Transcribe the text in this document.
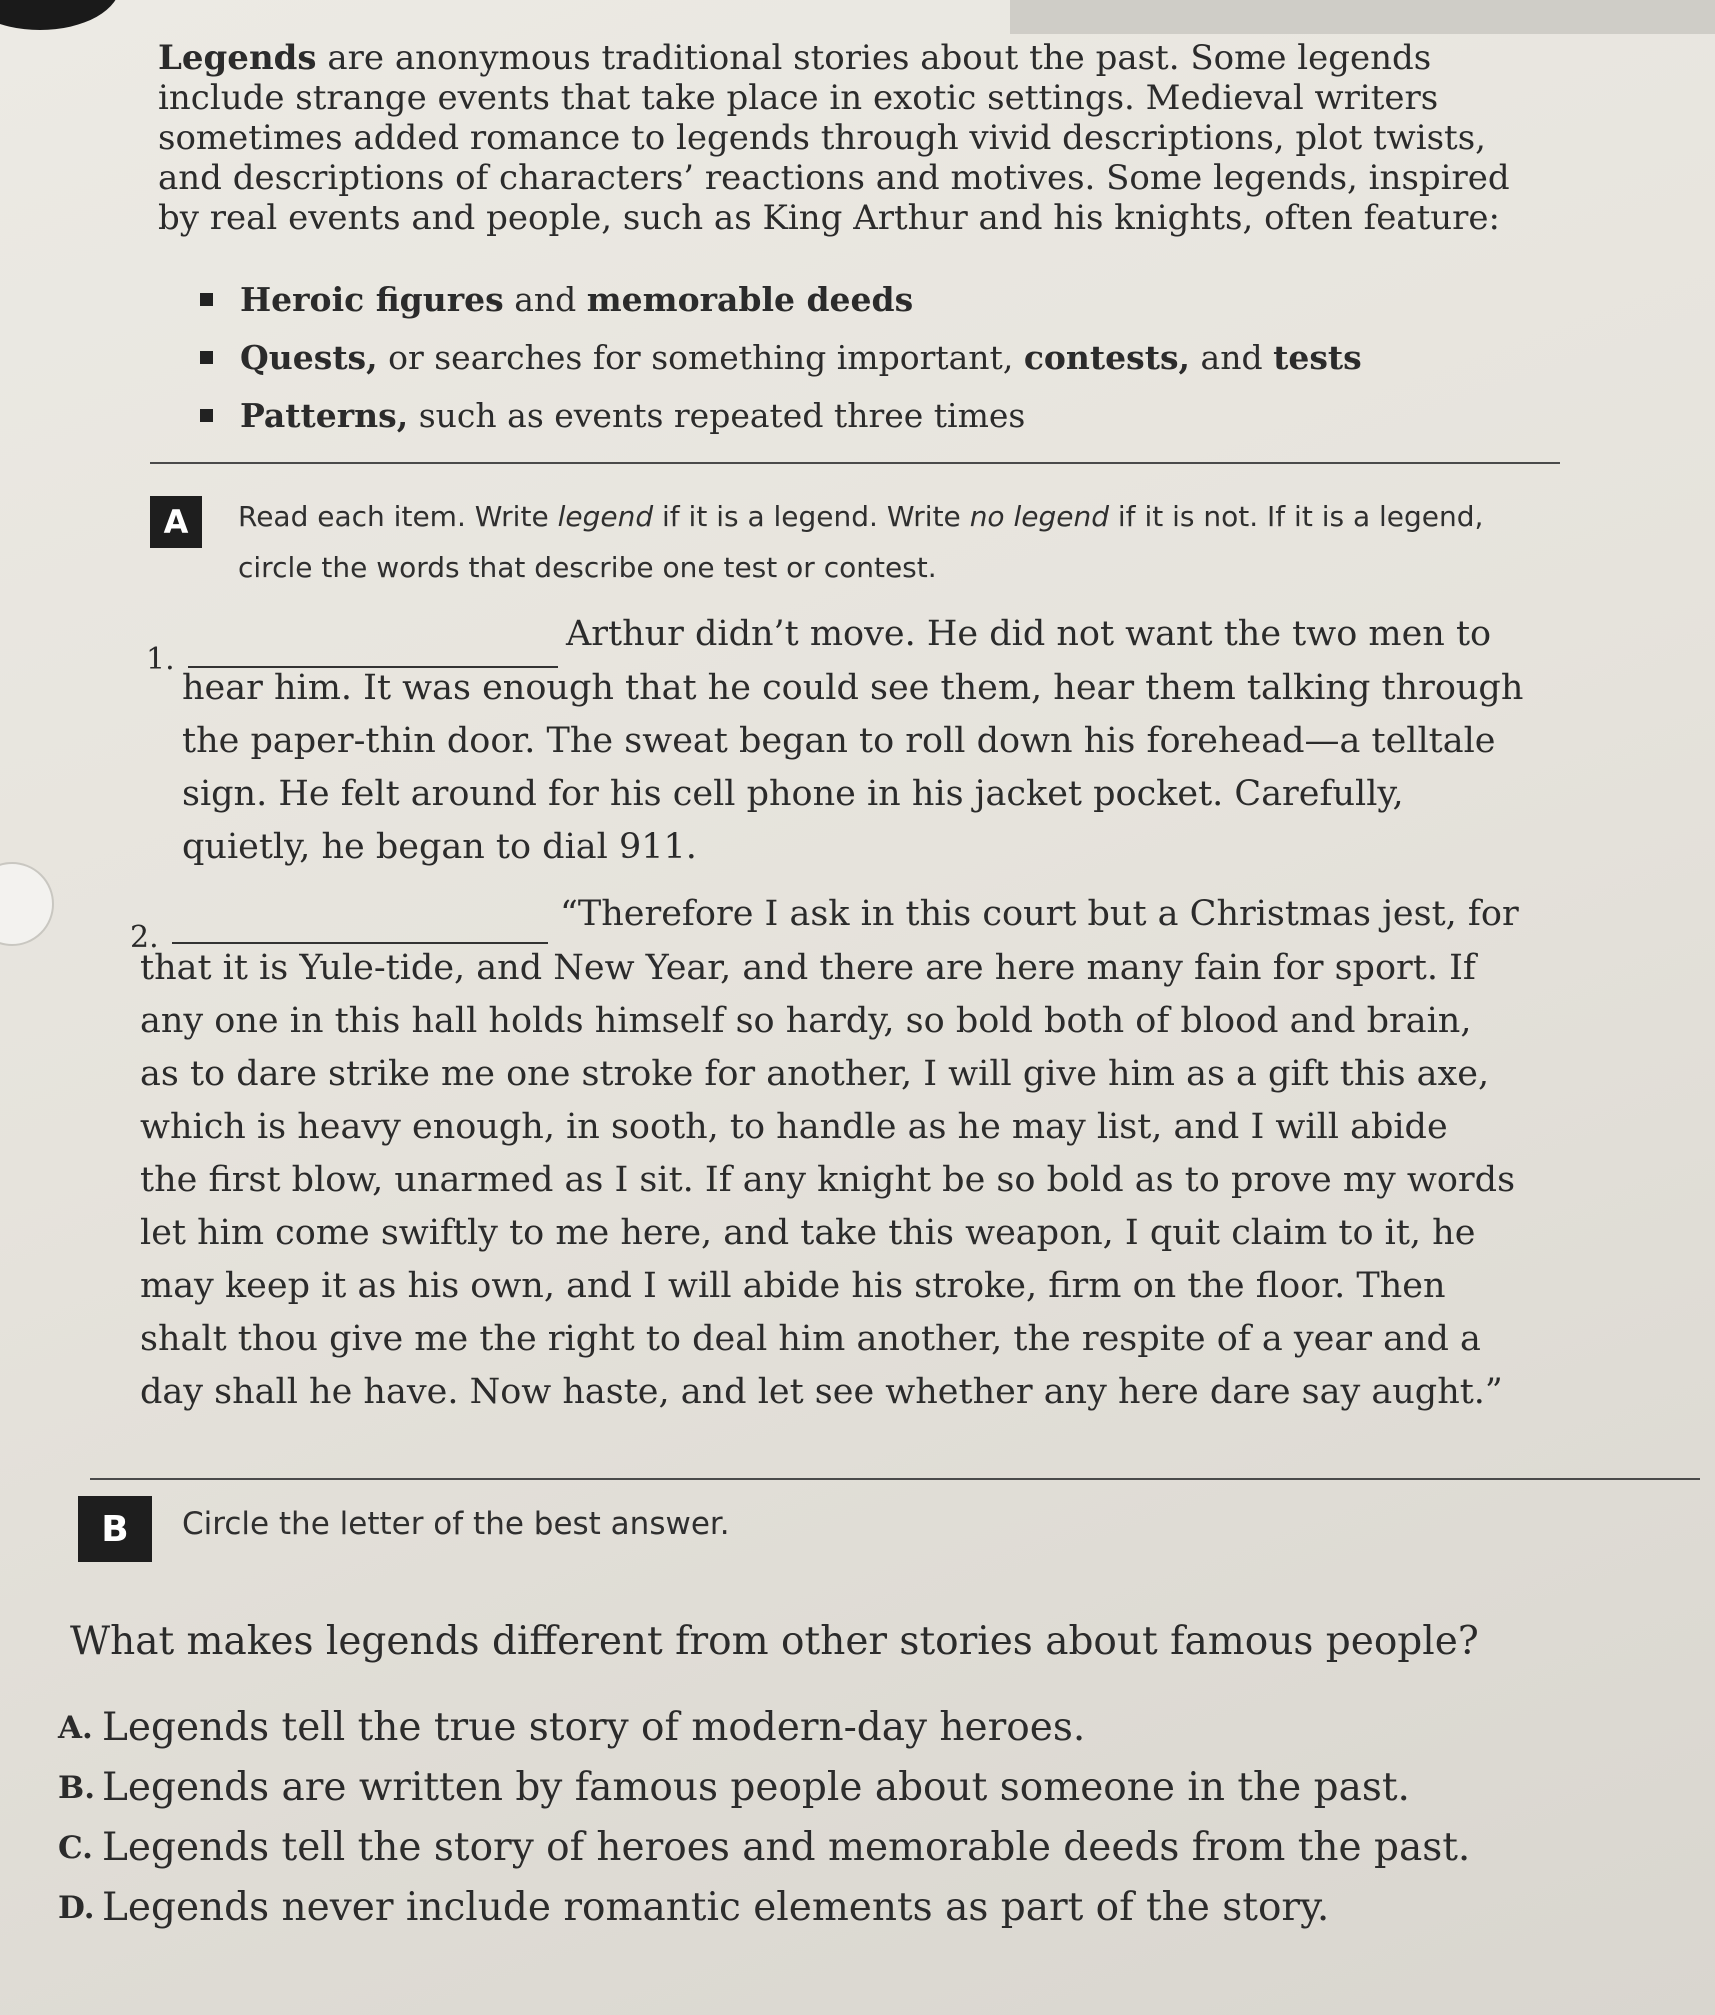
Legends are anonymous traditional stories about the past. Some legends include strange events that take place in exotic settings. Medieval writers sometimes added romance to legends through vivid descriptions, plot twists, and descriptions of characters’ reactions and motives. Some legends, inspired by real events and people, such as King Arthur and his knights, often feature:

Heroic figures and memorable deeds
Quests, or searches for something important, contests, and tests
Patterns, such as events repeated three times
A	Read each item. Write legend if it is a legend. Write no legend if it is not. If it is a legend,
circle the words that describe one test or contest.
1.
Arthur didn’t move. He did not want the two men to

hear him. It was enough that he could see them, hear them talking through

the paper-thin door. The sweat began to roll down his forehead—a telltale

sign. He felt around for his cell phone in his jacket pocket. Carefully,

quietly, he began to dial 911.

2.
“Therefore I ask in this court but a Christmas jest, for

that it is Yule-tide, and New Year, and there are here many fain for sport. If

any one in this hall holds himself so hardy, so bold both of blood and brain,

as to dare strike me one stroke for another, I will give him as a gift this axe,

which is heavy enough, in sooth, to handle as he may list, and I will abide

the first blow, unarmed as I sit. If any knight be so bold as to prove my words

let him come swiftly to me here, and take this weapon, I quit claim to it, he

may keep it as his own, and I will abide his stroke, firm on the floor. Then

shalt thou give me the right to deal him another, the respite of a year and a

day shall he have. Now haste, and let see whether any here dare say aught.”

B	Circle the letter of the best answer.
What makes legends different from other stories about famous people?
A. Legends tell the true story of modern-day heroes.
B. Legends are written by famous people about someone in the past.
C. Legends tell the story of heroes and memorable deeds from the past.
D. Legends never include romantic elements as part of the story.
